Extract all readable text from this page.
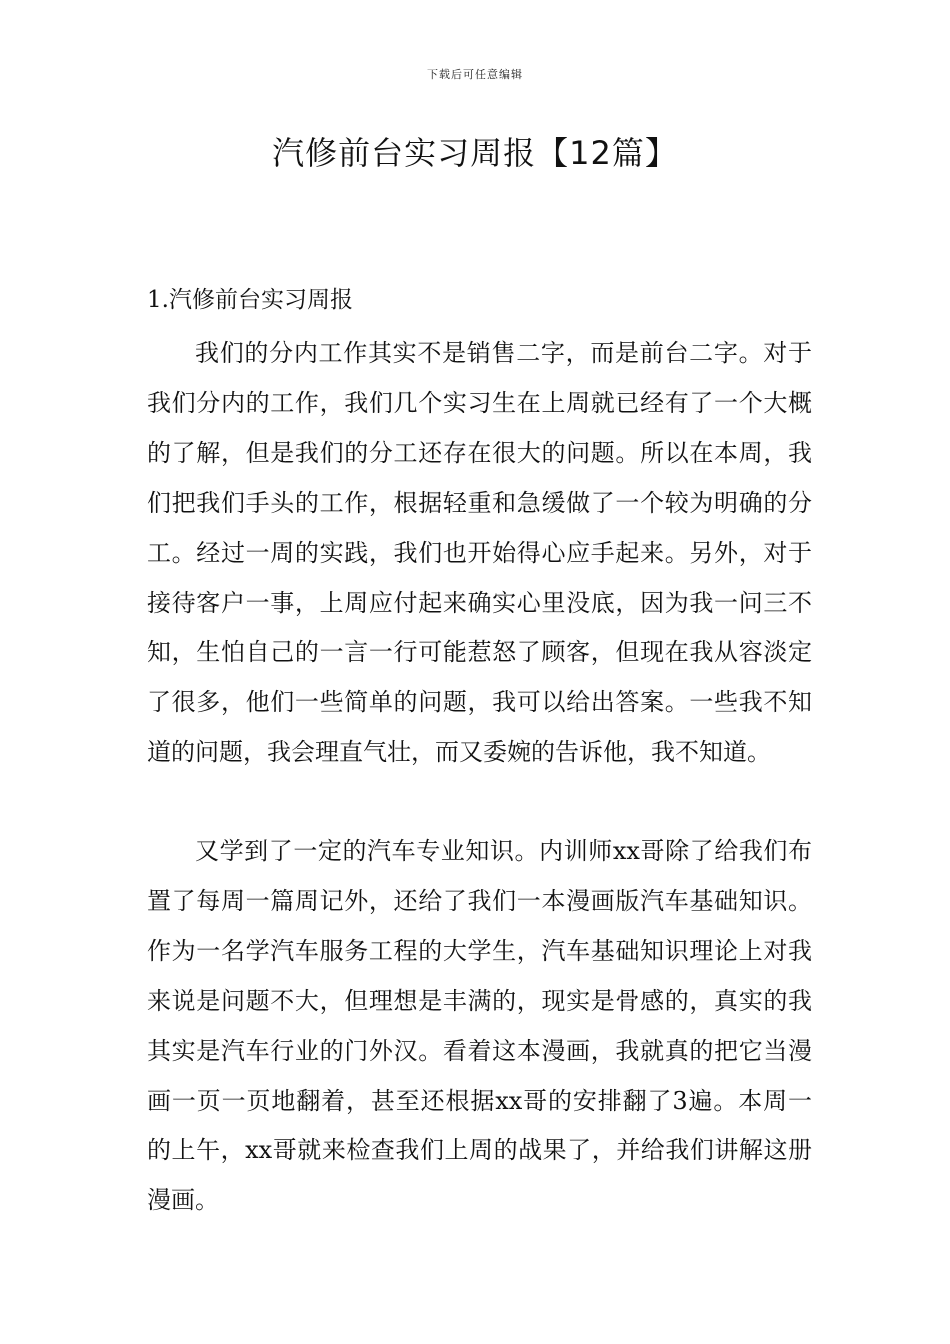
下载后可任意编辑
汽修前台实习周报【12篇】
1.汽修前台实习周报

我们的分内工作其实不是销售二字，而是前台二字。对于我们分内的工作，我们几个实习生在上周就已经有了一个大概的了解，但是我们的分工还存在很大的问题。所以在本周，我们把我们手头的工作，根据轻重和急缓做了一个较为明确的分工。经过一周的实践，我们也开始得心应手起来。另外，对于接待客户一事，上周应付起来确实心里没底，因为我一问三不知，生怕自己的一言一行可能惹怒了顾客，但现在我从容淡定了很多，他们一些简单的问题，我可以给出答案。一些我不知道的问题，我会理直气壮，而又委婉的告诉他，我不知道。

又学到了一定的汽车专业知识。内训师xx哥除了给我们布置了每周一篇周记外，还给了我们一本漫画版汽车基础知识。作为一名学汽车服务工程的大学生，汽车基础知识理论上对我来说是问题不大，但理想是丰满的，现实是骨感的，真实的我其实是汽车行业的门外汉。看着这本漫画，我就真的把它当漫画一页一页地翻着，甚至还根据xx哥的安排翻了3遍。本周一的上午，xx哥就来检查我们上周的战果了，并给我们讲解这册漫画。
